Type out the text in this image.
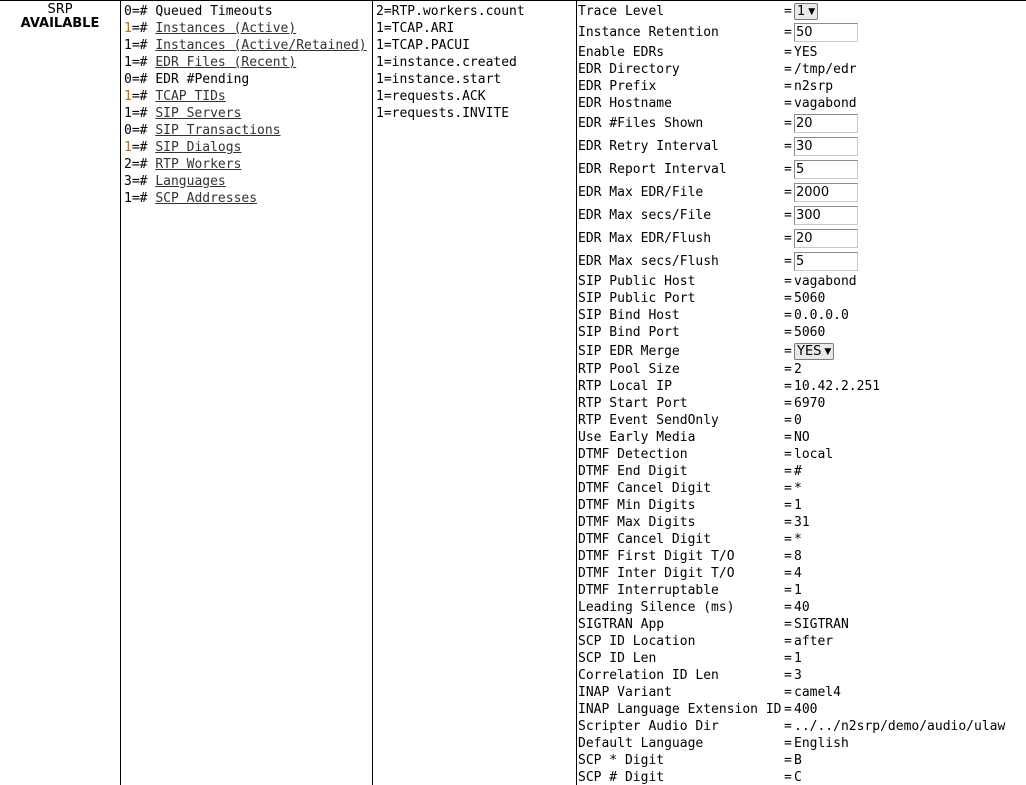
SRP
AVAILABLE
0=# Queued Timeouts
1=# Instances (Active)
1=# Instances (Active/Retained)
1=# EDR Files (Recent)
0=# EDR #Pending
1=# TCAP TIDs
1=# SIP Servers
0=# SIP Transactions
1=# SIP Dialogs
2=# RTP Workers
3=# Languages
1=# SCP Addresses
2=RTP.workers.count
1=TCAP.ARI
1=TCAP.PACUI
1=instance.created
1=instance.start
1=requests.ACK
1=requests.INVITE
Trace Level	=	1 ▼
Instance Retention	=	50
Enable EDRs	=	YES
EDR Directory	=	/tmp/edr
EDR Prefix	=	n2srp
EDR Hostname	=	vagabond
EDR #Files Shown	=	20
EDR Retry Interval	=	30
EDR Report Interval	=	5
EDR Max EDR/File	=	2000
EDR Max secs/File	=	300
EDR Max EDR/Flush	=	20
EDR Max secs/Flush	=	5
SIP Public Host	=	vagabond
SIP Public Port	=	5060
SIP Bind Host	=	0.0.0.0
SIP Bind Port	=	5060
SIP EDR Merge	=	YES ▼
RTP Pool Size	=	2
RTP Local IP	=	10.42.2.251
RTP Start Port	=	6970
RTP Event SendOnly	=	0
Use Early Media	=	NO
DTMF Detection	=	local
DTMF End Digit	=	#
DTMF Cancel Digit	=	*
DTMF Min Digits	=	1
DTMF Max Digits	=	31
DTMF Cancel Digit	=	*
DTMF First Digit T/O	=	8
DTMF Inter Digit T/O	=	4
DTMF Interruptable	=	1
Leading Silence (ms)	=	40
SIGTRAN App	=	SIGTRAN
SCP ID Location	=	after
SCP ID Len	=	1
Correlation ID Len	=	3
INAP Variant	=	camel4
INAP Language Extension ID	=	400
Scripter Audio Dir	=	../../n2srp/demo/audio/ulaw
Default Language	=	English
SCP * Digit	=	B
SCP # Digit	=	C
